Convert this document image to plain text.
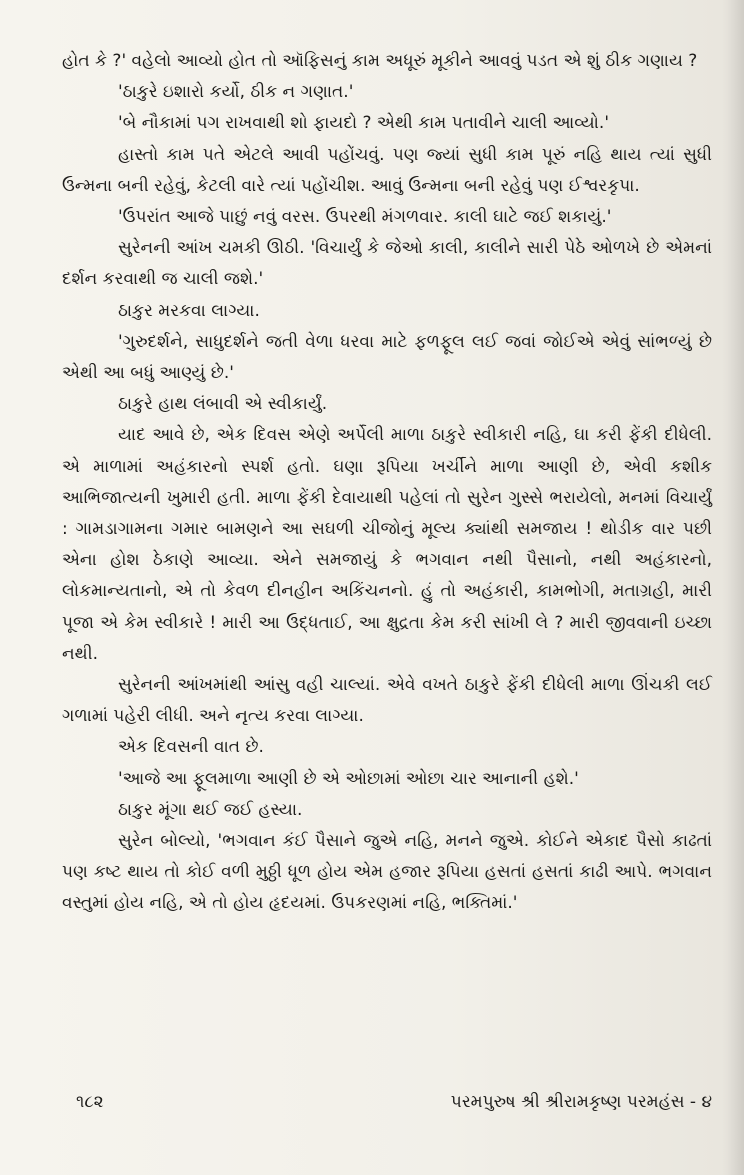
હોત કે ?' વહેલો આવ્યો હોત તો ઑફિસનું કામ અધૂરું મૂકીને આવવું પડત એ શું ઠીક ગણાય ?

'ઠાકુરે ઇશારો કર્યો, ઠીક ન ગણાત.'

'બે નૌકામાં પગ રાખવાથી શો ફાયદો ? એથી કામ પતાવીને ચાલી આવ્યો.'

હાસ્તો કામ પતે એટલે આવી પહોંચવું. પણ જ્યાં સુધી કામ પૂરું નહિ થાય ત્યાં સુધી ઉન્મના બની રહેવું, કેટલી વારે ત્યાં પહોંચીશ. આવું ઉન્મના બની રહેવું પણ ઈશ્વરકૃપા.

'ઉપરાંત આજે પાછું નવું વરસ. ઉપરથી મંગળવાર. કાલી ઘાટે જઈ શકાયું.'

સુરેનની આંખ ચમકી ઊઠી. 'વિચાર્યું કે જેઓ કાલી, કાલીને સારી પેઠે ઓળખે છે એમનાં દર્શન કરવાથી જ ચાલી જશે.'

ઠાકુર મરકવા લાગ્યા.

'ગુરુદર્શને, સાધુદર્શને જતી વેળા ધરવા માટે ફળફૂલ લઈ જવાં જોઈએ એવું સાંભળ્યું છે એથી આ બધું આણ્યું છે.'

ઠાકુરે હાથ લંબાવી એ સ્વીકાર્યું.

યાદ આવે છે, એક દિવસ એણે અર્પેલી માળા ઠાકુરે સ્વીકારી નહિ, ઘા કરી ફેંકી દીધેલી. એ માળામાં અહંકારનો સ્પર્શ હતો. ઘણા રૂપિયા ખર્ચીને માળા આણી છે, એવી કશીક આભિજાત્યની ખુમારી હતી. માળા ફેંકી દેવાયાથી પહેલાં તો સુરેન ગુસ્સે ભરાયેલો, મનમાં વિચાર્યું : ગામડાગામના ગમાર બામણને આ સઘળી ચીજોનું મૂલ્ય ક્યાંથી સમજાય ! થોડીક વાર પછી એના હોશ ઠેકાણે આવ્યા. એને સમજાયું કે ભગવાન નથી પૈસાનો, નથી અહંકારનો, લોકમાન્યતાનો, એ તો કેવળ દીનહીન અકિંચનનો. હું તો અહંકારી, કામભોગી, મતાગ્રહી, મારી પૂજા એ કેમ સ્વીકારે ! મારી આ ઉદ્ધતાઈ, આ ક્ષુદ્રતા કેમ કરી સાંખી લે ? મારી જીવવાની ઇચ્છા નથી.

સુરેનની આંખમાંથી આંસુ વહી ચાલ્યાં. એવે વખતે ઠાકુરે ફેંકી દીધેલી માળા ઊંચકી લઈ ગળામાં પહેરી લીધી. અને નૃત્ય કરવા લાગ્યા.

એક દિવસની વાત છે.

'આજે આ ફૂલમાળા આણી છે એ ઓછામાં ઓછા ચાર આનાની હશે.'

ઠાકુર મૂંગા થઈ જઈ હસ્યા.

સુરેન બોલ્યો, 'ભગવાન કંઈ પૈસાને જુએ નહિ, મનને જુએ. કોઈને એકાદ પૈસો કાઢતાં પણ કષ્ટ થાય તો કોઈ વળી મુઠ્ઠી ધૂળ હોય એમ હજાર રૂપિયા હસતાં હસતાં કાઢી આપે. ભગવાન વસ્તુમાં હોય નહિ, એ તો હોય હૃદયમાં. ઉપકરણમાં નહિ, ભક્તિમાં.'

૧૮૨	પરમપુરુષ શ્રી શ્રીરામકૃષ્ણ પરમહંસ - ૪
